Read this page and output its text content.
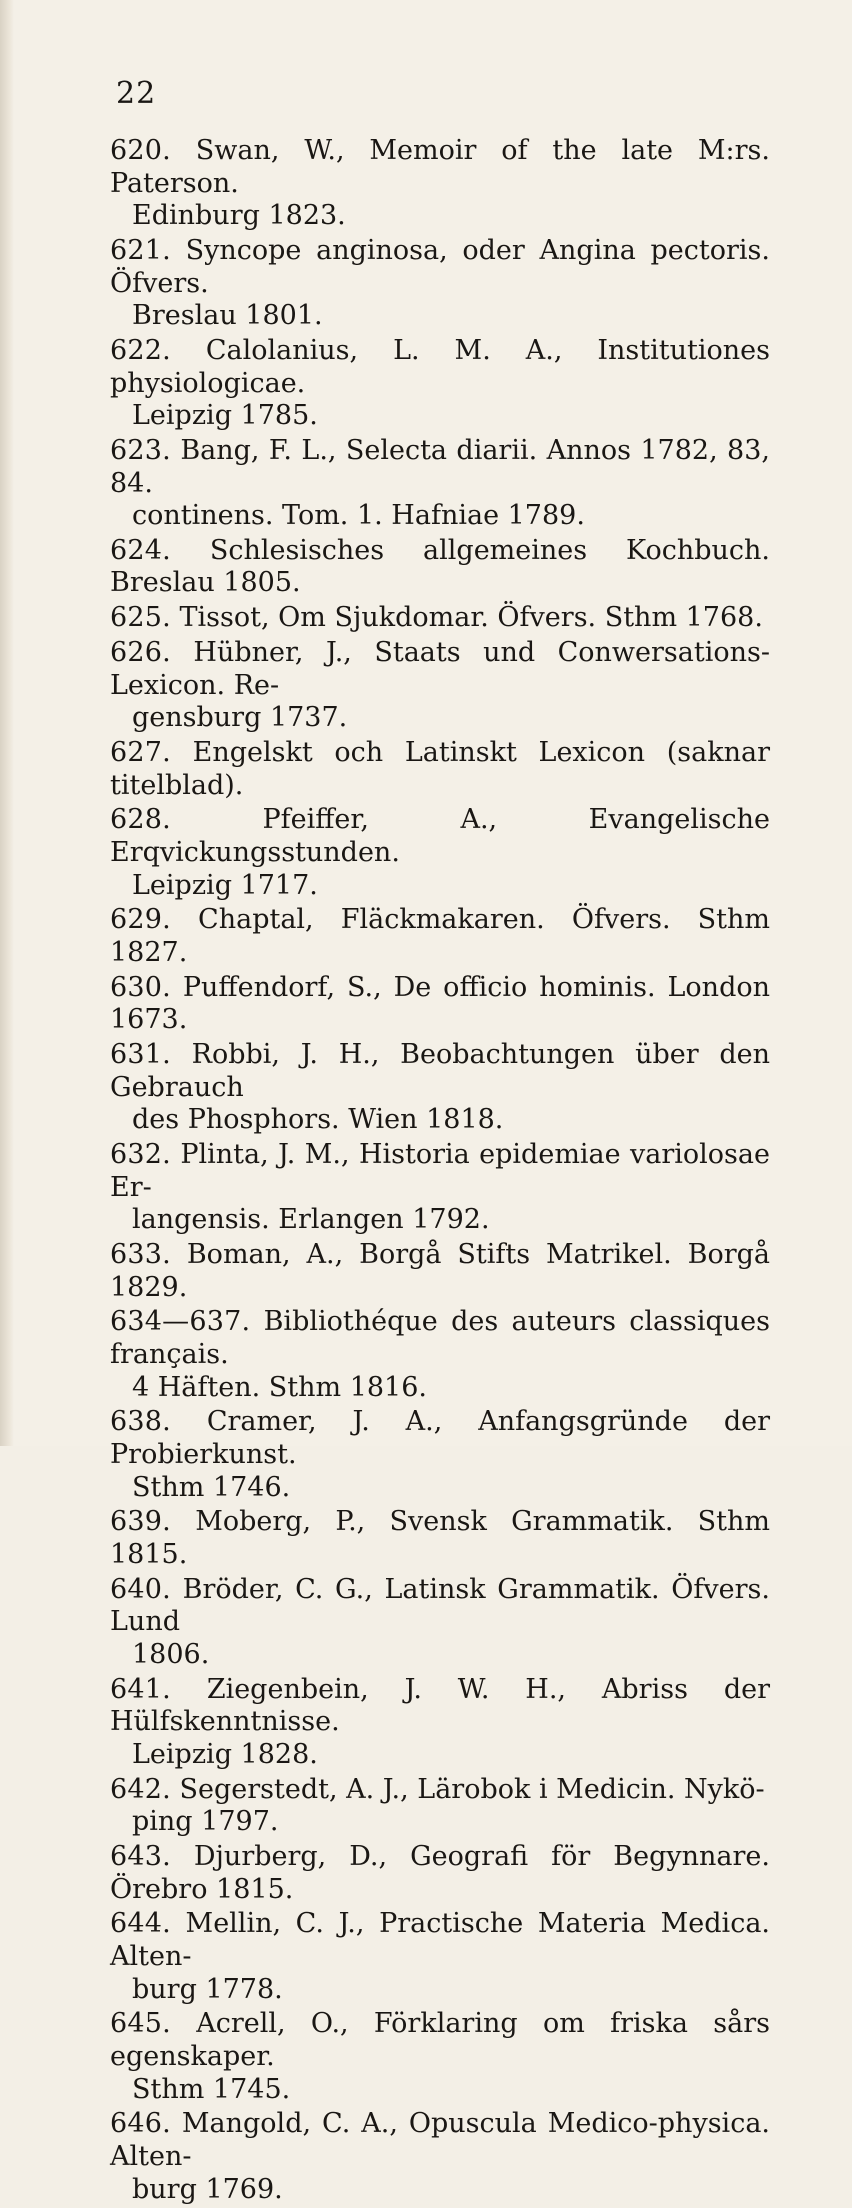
22
620. Swan, W., Memoir of the late M:rs. Paterson.
Edinburg 1823.
621. Syncope anginosa, oder Angina pectoris. Öfvers.
Breslau 1801.
622. Calolanius, L. M. A., Institutiones physiologicae.
Leipzig 1785.
623. Bang, F. L., Selecta diarii. Annos 1782, 83, 84.
continens. Tom. 1. Hafniae 1789.
624. Schlesisches allgemeines Kochbuch. Breslau 1805.
625. Tissot, Om Sjukdomar. Öfvers. Sthm 1768.
626. Hübner, J., Staats und Conwersations-Lexicon. Re-
gensburg 1737.
627. Engelskt och Latinskt Lexicon (saknar titelblad).
628.	Pfeiffer, A., Evangelische Erqvickungsstunden.
Leipzig 1717.
629. Chaptal, Fläckmakaren. Öfvers. Sthm 1827.
630. Puffendorf, S., De officio hominis. London 1673.
631. Robbi, J. H., Beobachtungen über den Gebrauch
des Phosphors. Wien 1818.
632. Plinta, J. M., Historia epidemiae variolosae Er-
langensis. Erlangen 1792.
633. Boman, A., Borgå Stifts Matrikel. Borgå 1829.
634—637. Bibliothéque des auteurs classiques français.
4 Häften. Sthm 1816.
638. Cramer, J. A., Anfangsgründe der Probierkunst.
Sthm 1746.
639. Moberg, P., Svensk Grammatik. Sthm 1815.
640. Bröder, C. G., Latinsk Grammatik. Öfvers. Lund
1806.
641. Ziegenbein, J. W. H., Abriss der Hülfskenntnisse.
Leipzig 1828.
642. Segerstedt, A. J., Lärobok i Medicin. Nykö-
ping 1797.
643. Djurberg, D., Geografi för Begynnare. Örebro 1815.
644. Mellin, C. J., Practische Materia Medica. Alten-
burg 1778.
645. Acrell, O., Förklaring om friska sårs egenskaper.
Sthm 1745.
646. Mangold, C. A., Opuscula Medico-physica. Alten-
burg 1769.
